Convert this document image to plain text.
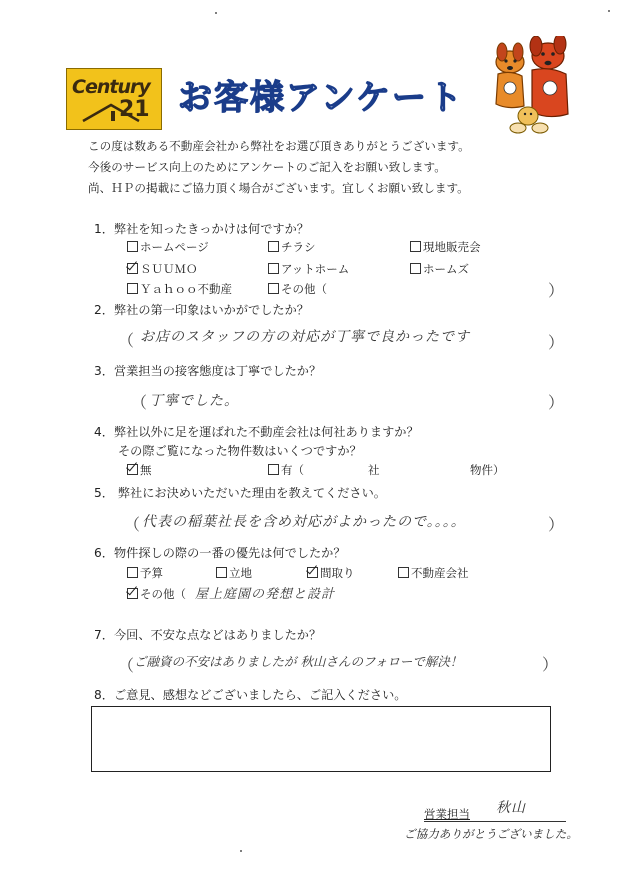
Century
21 お客様アンケート
この度は数ある不動産会社から弊社をお選び頂きありがとうございます。
今後のサービス向上のためにアンケートのご記入をお願い致します。
尚、ＨＰの掲載にご協力頂く場合がございます。宜しくお願い致します。
1．弊社を知ったきっかけは何ですか？
ホームページ	チラシ	現地販売会
ＳＵＵＭＯ	アットホーム	ホームズ
Ｙａｈｏｏ不動産	その他（	）
2．弊社の第一印象はいかがでしたか？
（ お店のスタッフの方の対応が丁寧で良かったです	）
3．営業担当の接客態度は丁寧でしたか？
（ 丁寧でした。	）
4．弊社以外に足を運ばれた不動産会社は何社ありますか？
その際ご覧になった物件数はいくつですか？
無	有（	社	物件）
5． 弊社にお決めいただいた理由を教えてください。
（ 代表の稲葉社長を含め対応がよかったので。。。。	）
6．物件探しの際の一番の優先は何でしたか？
予算	立地	間取り	不動産会社
その他（ 屋上庭園の発想と設計
7．今回、不安な点などはありましたか？
（ ご融資の不安はありましたが 秋山さんのフォローで解決！	）
8．ご意見、感想などございましたら、ご記入ください。
営業担当 秋山
ご協力ありがとうございました。
